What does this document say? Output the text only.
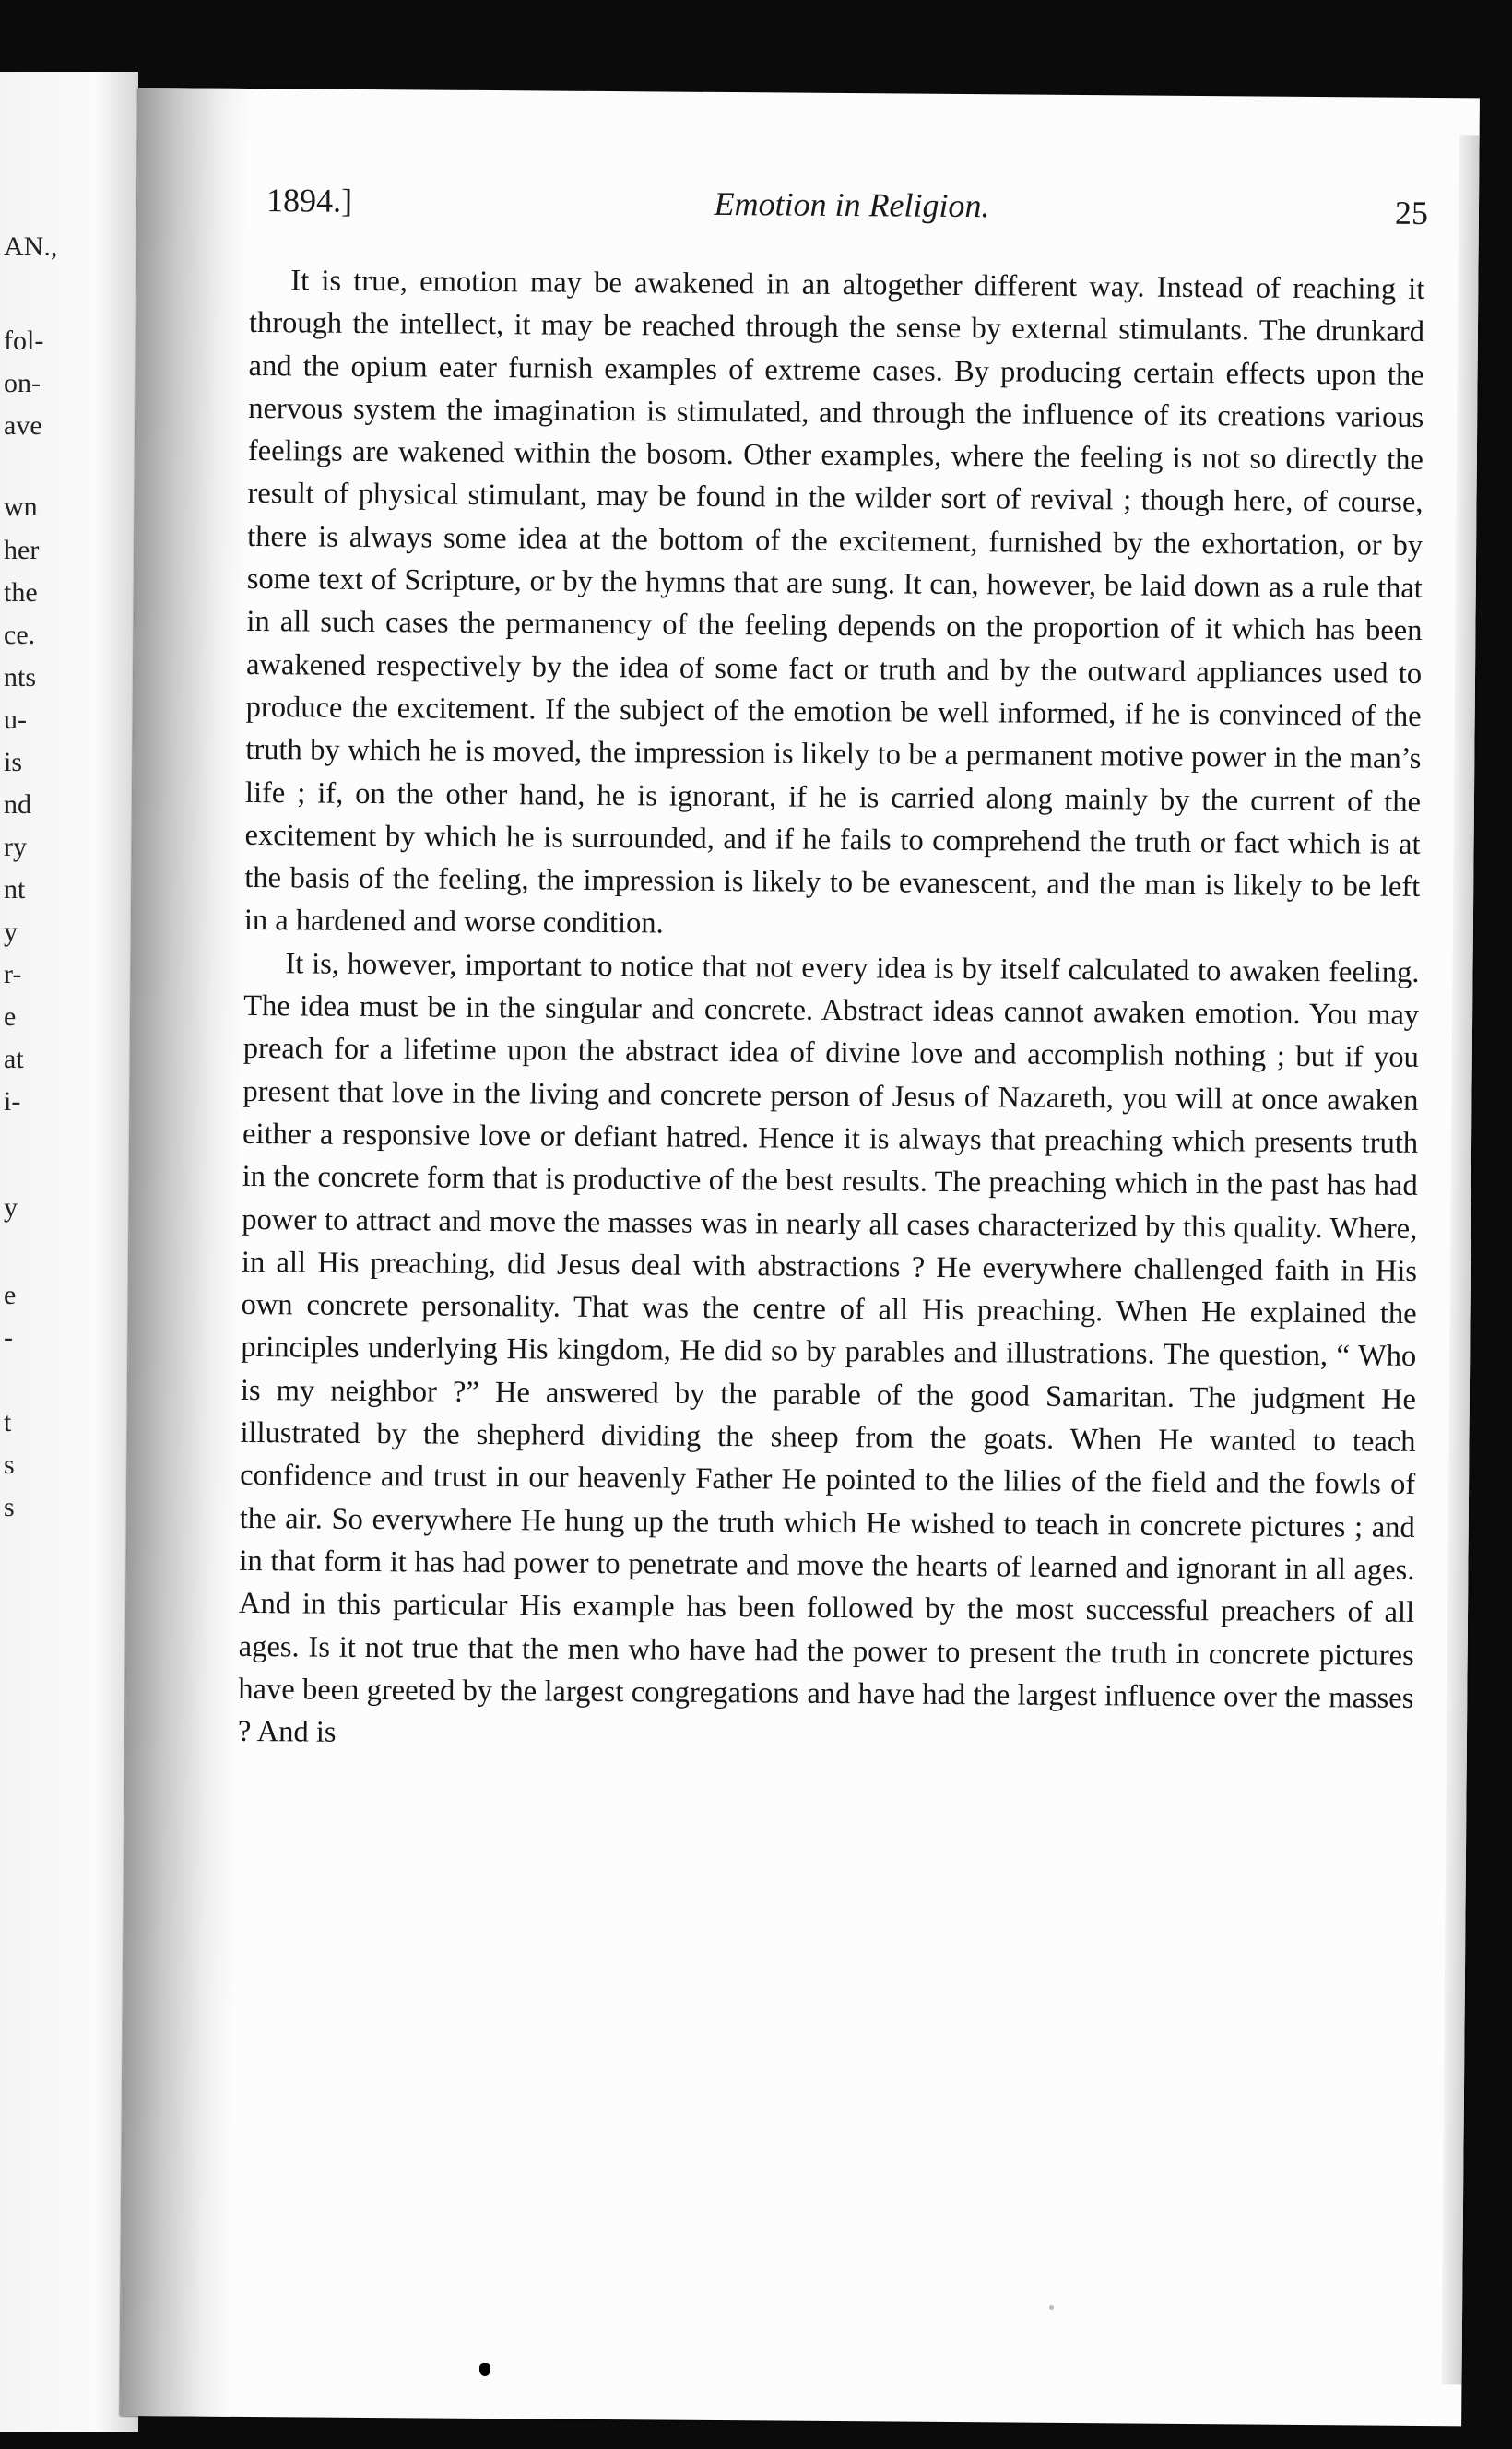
AN.,
fol-
on-
ave
wn
her
the
ce.
nts
u-
is
nd
ry
nt
y
r-
e
at
i-
y
e
-
t
s
s
1894.]	Emotion in Religion.	25

It is true, emotion may be awakened in an altogether different way. Instead of reaching it through the intellect, it may be reached through the sense by external stimulants. The drunkard and the opium eater furnish examples of extreme cases. By producing certain effects upon the nervous system the imagination is stimulated, and through the influence of its creations various feelings are wakened within the bosom. Other examples, where the feeling is not so directly the result of physical stimulant, may be found in the wilder sort of revival ; though here, of course, there is always some idea at the bottom of the excitement, furnished by the exhortation, or by some text of Scripture, or by the hymns that are sung. It can, however, be laid down as a rule that in all such cases the permanency of the feeling depends on the proportion of it which has been awakened respectively by the idea of some fact or truth and by the outward appliances used to produce the excitement. If the subject of the emotion be well informed, if he is convinced of the truth by which he is moved, the impression is likely to be a permanent motive power in the man’s life ; if, on the other hand, he is ignorant, if he is carried along mainly by the current of the excitement by which he is surrounded, and if he fails to comprehend the truth or fact which is at the basis of the feeling, the impression is likely to be evanescent, and the man is likely to be left in a hardened and worse condition.

It is, however, important to notice that not every idea is by itself calculated to awaken feeling. The idea must be in the singular and concrete. Abstract ideas cannot awaken emotion. You may preach for a lifetime upon the abstract idea of divine love and accomplish nothing ; but if you present that love in the living and concrete person of Jesus of Nazareth, you will at once awaken either a responsive love or defiant hatred. Hence it is always that preaching which presents truth in the concrete form that is productive of the best results. The preaching which in the past has had power to attract and move the masses was in nearly all cases characterized by this quality. Where, in all His preaching, did Jesus deal with abstractions ? He everywhere challenged faith in His own concrete personality. That was the centre of all His preaching. When He explained the principles underlying His kingdom, He did so by parables and illustrations. The question, “ Who is my neighbor ?” He answered by the parable of the good Samaritan. The judgment He illustrated by the shepherd dividing the sheep from the goats. When He wanted to teach confidence and trust in our heavenly Father He pointed to the lilies of the field and the fowls of the air. So everywhere He hung up the truth which He wished to teach in concrete pictures ; and in that form it has had power to penetrate and move the hearts of learned and ignorant in all ages. And in this particular His example has been followed by the most successful preachers of all ages. Is it not true that the men who have had the power to present the truth in concrete pictures have been greeted by the largest congregations and have had the largest influence over the masses ? And is
